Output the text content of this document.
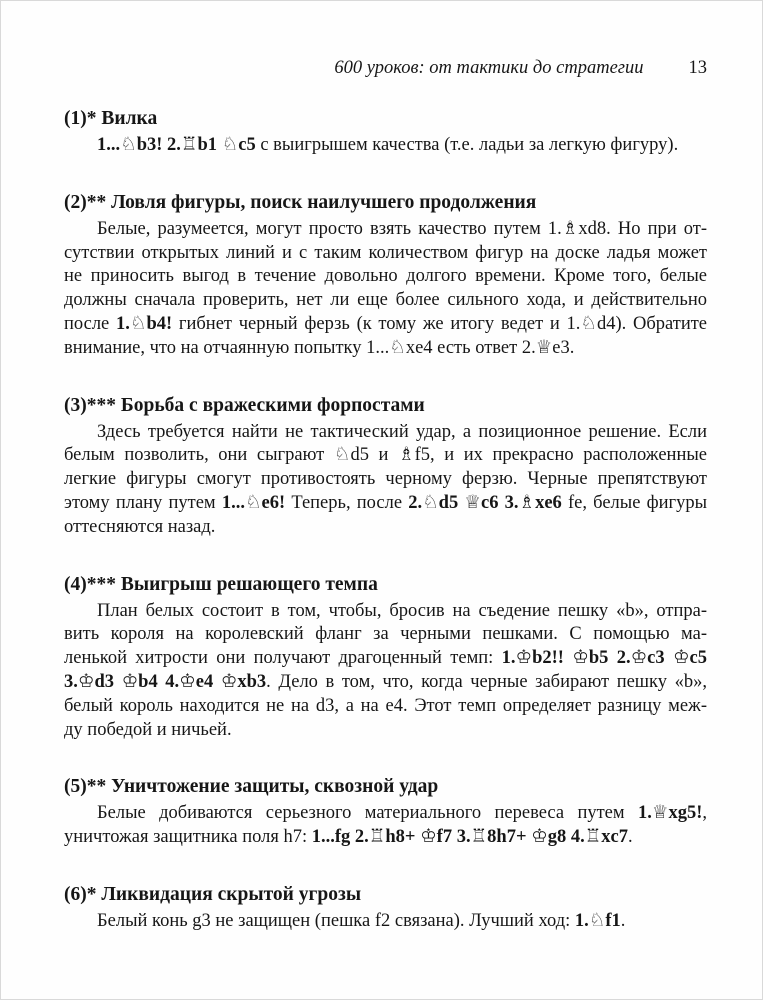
600 уроков: от тактики до стратегии 13
(1)* Вилка
1...♘b3! 2.♖b1 ♘c5 с выигрышем качества (т.е. ладьи за легкую фигуру).
(2)** Ловля фигуры, поиск наилучшего продолжения
Белые, разумеется, могут просто взять качество путем 1.♗xd8. Но при от-
сутствии открытых линий и с таким количеством фигур на доске ладья может
не приносить выгод в течение довольно долгого времени. Кроме того, белые
должны сначала проверить, нет ли еще более сильного хода, и действительно
после 1.♘b4! гибнет черный ферзь (к тому же итогу ведет и 1.♘d4). Обратите
внимание, что на отчаянную попытку 1...♘xe4 есть ответ 2.♕e3.
(3)*** Борьба с вражескими форпостами
Здесь требуется найти не тактический удар, а позиционное решение. Если
белым позволить, они сыграют ♘d5 и ♗f5, и их прекрасно расположенные
легкие фигуры смогут противостоять черному ферзю. Черные препятствуют
этому плану путем 1...♘e6! Теперь, после 2.♘d5 ♕c6 3.♗xe6 fe, белые фигуры
оттесняются назад.
(4)*** Выигрыш решающего темпа
План белых состоит в том, чтобы, бросив на съедение пешку «b», отпра-
вить короля на королевский фланг за черными пешками. С помощью ма-
ленькой хитрости они получают драгоценный темп: 1.♔b2!! ♔b5 2.♔c3 ♔c5
3.♔d3 ♔b4 4.♔e4 ♔xb3. Дело в том, что, когда черные забирают пешку «b»,
белый король находится не на d3, а на e4. Этот темп определяет разницу меж-
ду победой и ничьей.
(5)** Уничтожение защиты, сквозной удар
Белые добиваются серьезного материального перевеса путем 1.♕xg5!,
уничтожая защитника поля h7: 1...fg 2.♖h8+ ♔f7 3.♖8h7+ ♔g8 4.♖xc7.
(6)* Ликвидация скрытой угрозы
Белый конь g3 не защищен (пешка f2 связана). Лучший ход: 1.♘f1.
